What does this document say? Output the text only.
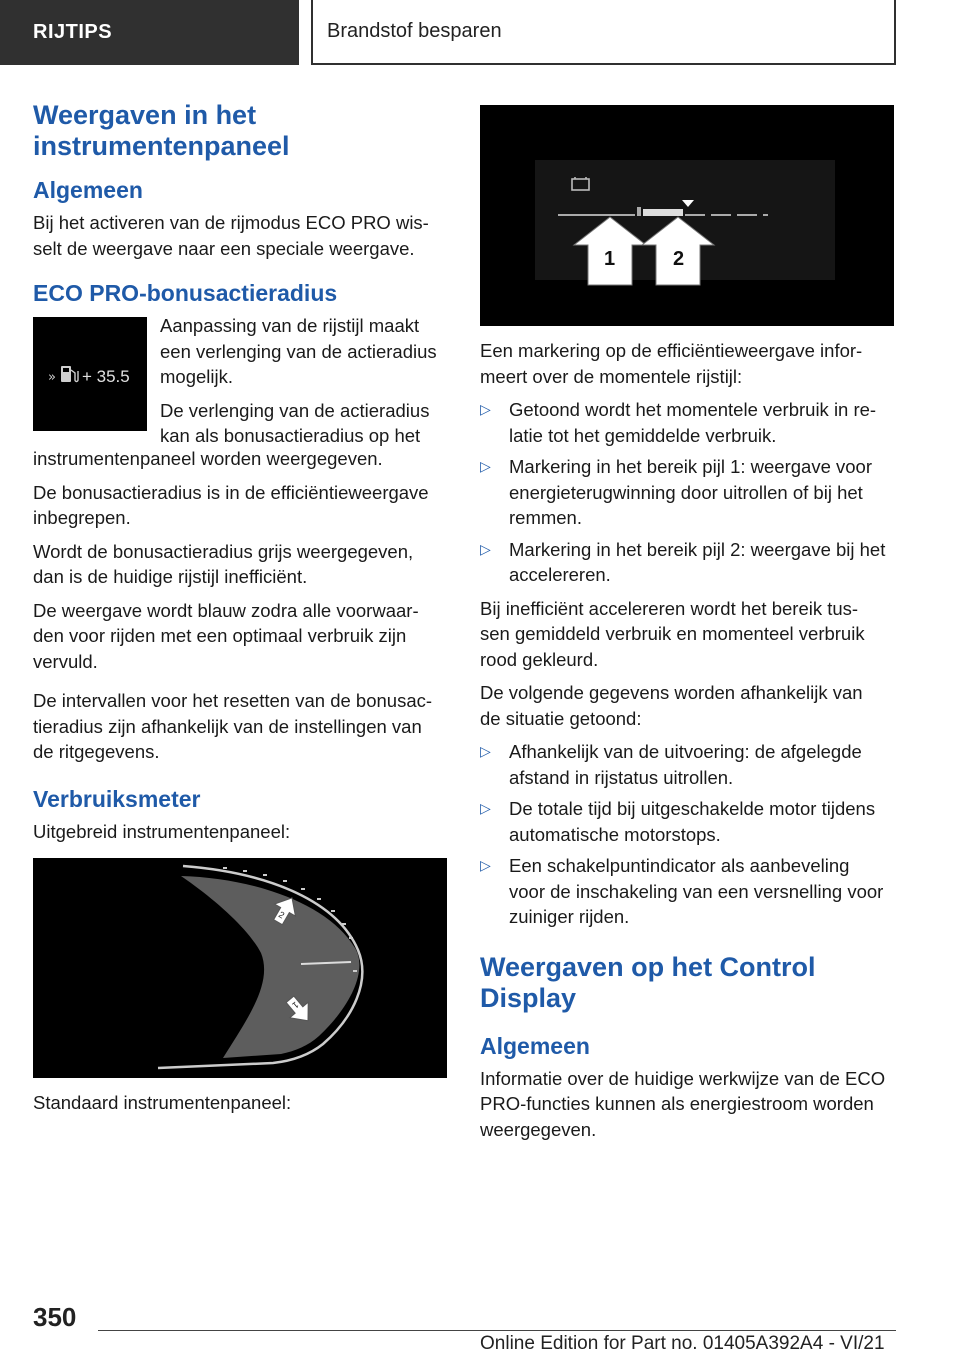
RIJTIPS	Brandstof besparen
Weergaven in het
instrumentenpaneel
Algemeen

Bij het activeren van de rijmodus ECO PRO wis-
selt de weergave naar een speciale weergave.

ECO PRO-bonusactieradius
» + 35.5

Aanpassing van de rijstijl maakt een verlenging van de actieradius mogelijk.

De verlenging van de actieradius kan als bonusactieradius op het

instrumentenpaneel worden weergegeven.

De bonusactieradius is in de efficiëntieweergave
inbegrepen.

Wordt de bonusactieradius grijs weergegeven,
dan is de huidige rijstijl inefficiënt.

De weergave wordt blauw zodra alle voorwaar-
den voor rijden met een optimaal verbruik zijn
vervuld.

De intervallen voor het resetten van de bonusac-
tieradius zijn afhankelijk van de instellingen van
de ritgegevens.

Verbruiksmeter

Uitgebreid instrumentenpaneel:

2
1

Standaard instrumentenpaneel:

1	2

Een markering op de efficiëntieweergave infor-
meert over de momentele rijstijl:

▷ Getoond wordt het momentele verbruik in re-
latie tot het gemiddelde verbruik.
▷ Markering in het bereik pijl 1: weergave voor
energieterugwinning door uitrollen of bij het
remmen.
▷ Markering in het bereik pijl 2: weergave bij het
accelereren.

Bij inefficiënt accelereren wordt het bereik tus-
sen gemiddeld verbruik en momenteel verbruik
rood gekleurd.

De volgende gegevens worden afhankelijk van
de situatie getoond:

▷ Afhankelijk van de uitvoering: de afgelegde
afstand in rijstatus uitrollen.
▷ De totale tijd bij uitgeschakelde motor tijdens
automatische motorstops.
▷ Een schakelpuntindicator als aanbeveling
voor de inschakeling van een versnelling voor
zuiniger rijden.
Weergaven op het Control
Display
Algemeen

Informatie over de huidige werkwijze van de ECO
PRO-functies kunnen als energiestroom worden
weergegeven.

350
Online Edition for Part no. 01405A392A4 - VI/21
